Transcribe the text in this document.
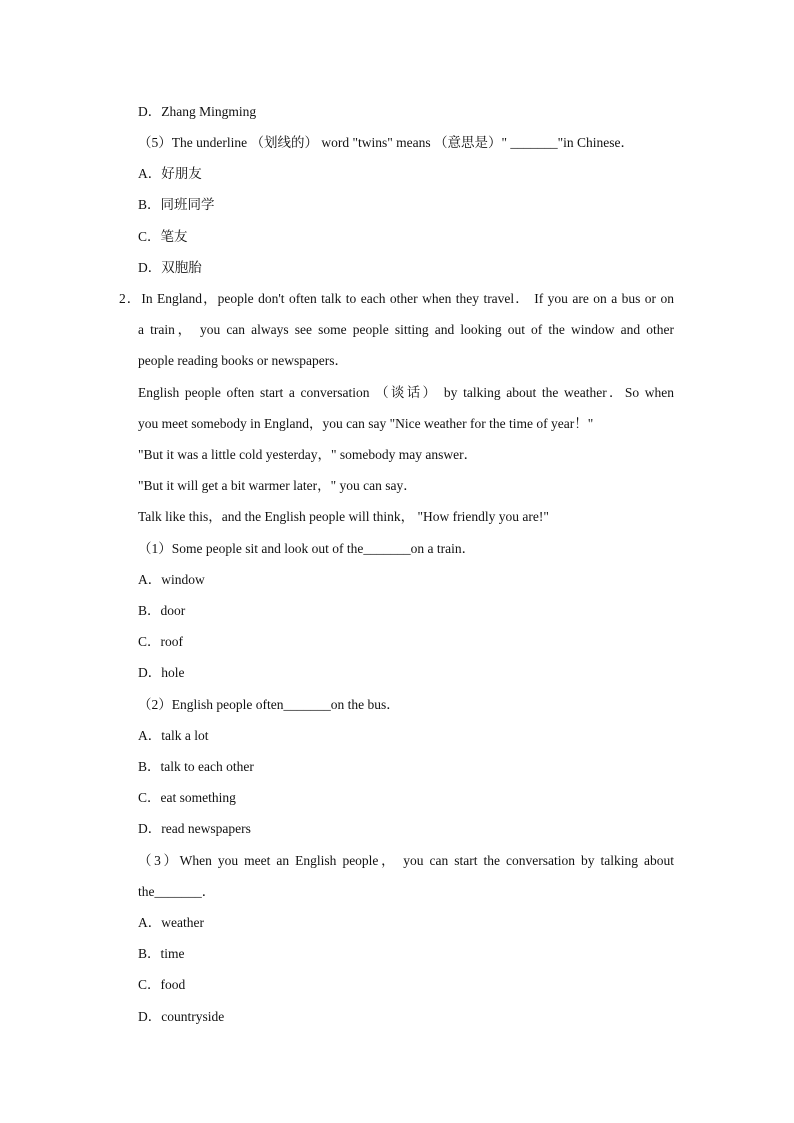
D．Zhang Mingming
（5）The underline （划线的） word "twins" means （意思是）" _______"in Chinese．
A．好朋友
B．同班同学
C．笔友
D．双胞胎
2．In England，people don't often talk to each other when they travel． If you are on a bus or on
a train， you can always see some people sitting and looking out of the window and other
people reading books or newspapers．
English people often start a conversation （谈话） by talking about the weather．So when
you meet somebody in England，you can say "Nice weather for the time of year！"
"But it was a little cold yesterday，" somebody may answer．
"But it will get a bit warmer later，" you can say．
Talk like this，and the English people will think， "How friendly you are!"
（1）Some people sit and look out of the_______on a train．
A．window
B．door
C．roof
D．hole
（2）English people often_______on the bus．
A．talk a lot
B．talk to each other
C．eat something
D．read newspapers
（3）When you meet an English people， you can start the conversation by talking about
the_______．
A．weather
B．time
C．food
D．countryside
